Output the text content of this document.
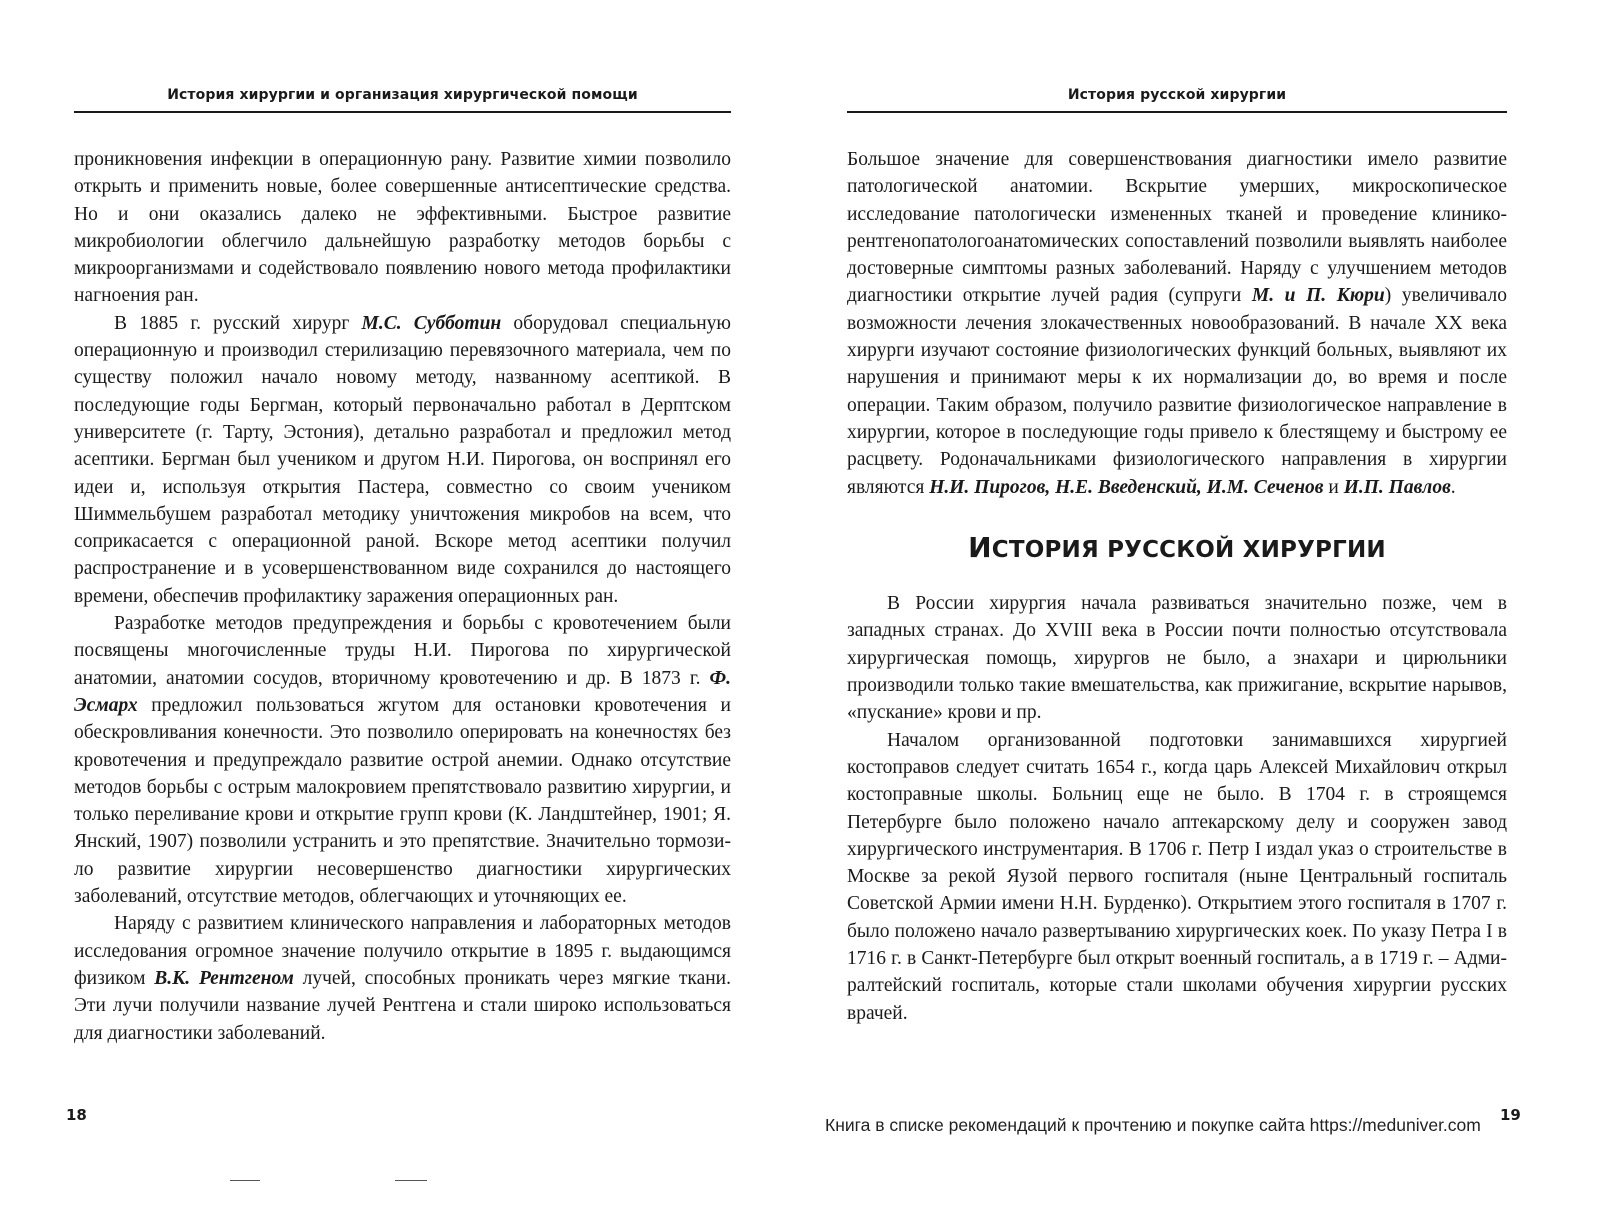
История хирургии и организация хирургической помощи

проникновения инфекции в операционную рану. Развитие химии позволило открыть и применить новые, более совершенные антисептические средства. Но и они оказались далеко не эффективными. Быстрое развитие микробиологии облегчило дальнейшую разработку методов борьбы с микроорганизмами и содействовало появлению нового метода профилактики нагноения ран.

В 1885 г. русский хирург М.С. Субботин оборудовал специальную операционную и производил стерилизацию перевязочного материала, чем по существу положил начало новому методу, названному асептикой. В последующие годы Бергман, который первоначально работал в Дерптском университете (г. Тарту, Эстония), детально разработал и предложил метод асептики. Бергман был учеником и другом Н.И. Пирогова, он воспринял его идеи и, используя открытия Пастера, совместно со своим учеником Шиммельбушем разработал методику уничтожения микробов на всем, что соприкасается с операционной раной. Вскоре метод асептики получил распространение и в усовершенствованном виде сохранился до настоящего времени, обеспечив профилактику заражения операционных ран.

Разработке методов предупреждения и борьбы с кровотечением были посвящены многочисленные труды Н.И. Пирогова по хирургической анатомии, анатомии сосудов, вторичному кровотечению и др. В 1873 г. Ф. Эсмарх предложил пользоваться жгутом для остановки кровотечения и обескровливания конечности. Это позволило оперировать на конечностях без кровотечения и предупреждало развитие острой анемии. Однако отсутствие методов борьбы с острым малокровием препятствовало развитию хирургии, и только переливание крови и открытие групп крови (К. Ландштейнер, 1901; Я. Янский, 1907) позволили устранить и это препятствие. Значительно тормозило развитие хирургии несовершенство диагностики хирургических заболеваний, отсутствие методов, облегчающих и уточняющих ее.

Наряду с развитием клинического направления и лабораторных методов исследования огромное значение получило открытие в 1895 г. выдающимся физиком В.К. Рентгеном лучей, способных проникать через мягкие ткани. Эти лучи получили название лучей Рентгена и стали широко использоваться для диагностики заболеваний.

18
История русской хирургии

Большое значение для совершенствования диагностики имело развитие патологической анатомии. Вскрытие умерших, микроскопическое исследование патологически измененных тканей и проведение клинико-рентгенопатологоанатомических сопоставлений позволили выявлять наиболее достоверные симптомы разных заболеваний. Наряду с улучшением методов диагностики открытие лучей радия (супруги М. и П. Кюри) увеличивало возможности лечения злокачественных новообразований. В начале XX века хирурги изучают состояние физиологических функций больных, выявляют их нарушения и принимают меры к их нормализации до, во время и после операции. Таким образом, получило развитие физиологическое направление в хирургии, которое в последующие годы привело к блестящему и быстрому ее расцвету. Родоначальниками физиологического направления в хирургии являются Н.И. Пирогов, Н.Е. Введенский, И.М. Сеченов и И.П. Павлов.

ИСТОРИЯ РУССКОЙ ХИРУРГИИ

В России хирургия начала развиваться значительно позже, чем в западных странах. До XVIII века в России почти полностью отсутствовала хирургическая помощь, хирургов не было, а знахари и цирюльники производили только такие вмешательства, как прижигание, вскрытие нарывов, «пускание» крови и пр.

Началом организованной подготовки занимавшихся хирургией костоправов следует считать 1654 г., когда царь Алексей Михайлович открыл костоправные школы. Больниц еще не было. В 1704 г. в строящемся Петербурге было положено начало аптекарскому делу и сооружен завод хирургического инструментария. В 1706 г. Петр I издал указ о строительстве в Москве за рекой Яузой первого госпиталя (ныне Центральный госпиталь Советской Армии имени Н.Н. Бурденко). Открытием этого госпиталя в 1707 г. было положено начало развертыванию хирургических коек. По указу Петра I в 1716 г. в Санкт-Петербурге был открыт военный госпиталь, а в 1719 г. – Адмиралтейский госпиталь, которые стали школами обучения хирургии русских врачей.

19
Книга в списке рекомендаций к прочтению и покупке сайта https://meduniver.com
